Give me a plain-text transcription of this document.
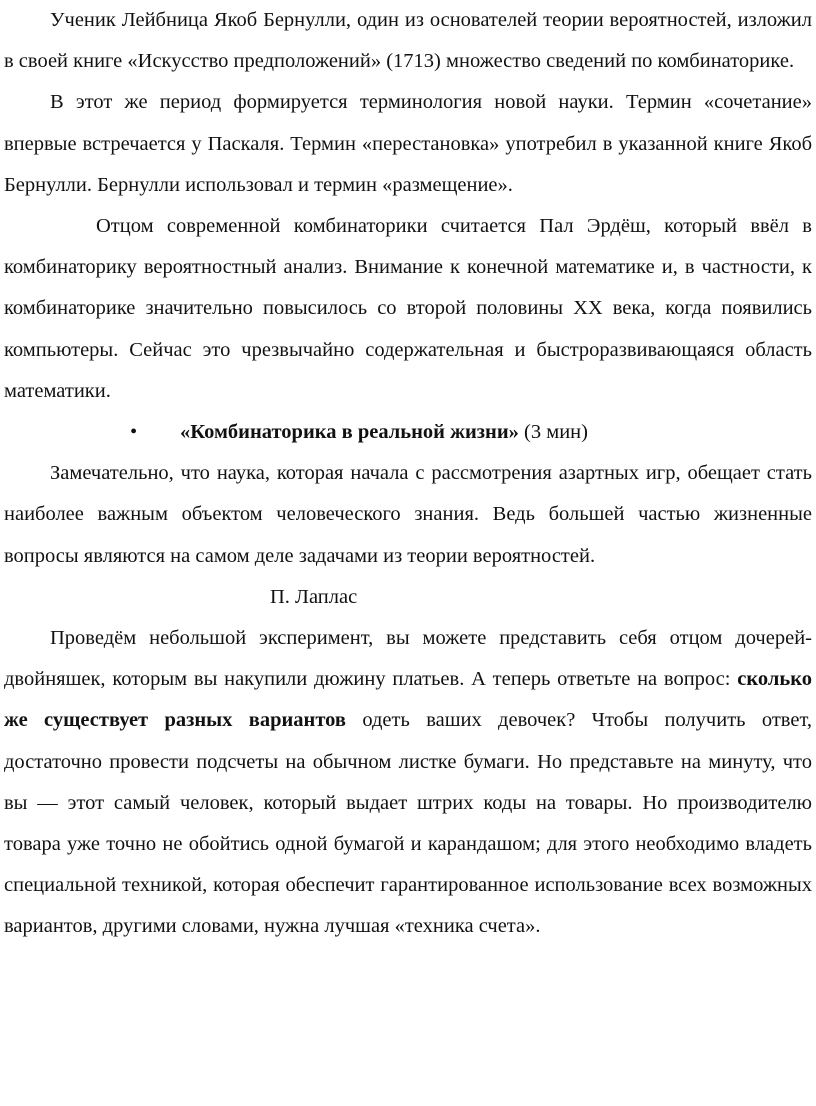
Ученик Лейбница Якоб Бернулли, один из основателей теории вероятностей, изложил в своей книге «Искусство предположений» (1713) множество сведений по комбинаторике.

В этот же период формируется терминология новой науки. Термин «сочетание» впервые встречается у Паскаля. Термин «перестановка» употребил в указанной книге Якоб Бернулли. Бернулли использовал и термин «размещение».

Отцом современной комбинаторики считается Пал Эрдёш, который ввёл в комбинаторику вероятностный анализ. Внимание к конечной математике и, в частности, к комбинаторике значительно повысилось со второй половины XX века, когда появились компьютеры. Сейчас это чрезвычайно содержательная и быстроразвивающаяся область математики.

• «Комбинаторика в реальной жизни» (3 мин)

Замечательно, что наука, которая начала с рассмотрения азартных игр, обещает стать наиболее важным объектом человеческого знания. Ведь большей частью жизненные вопросы являются на самом деле задачами из теории вероятностей.

П. Лаплас

Проведём небольшой эксперимент, вы можете представить себя отцом дочерей-двойняшек, которым вы накупили дюжину платьев. А теперь ответьте на вопрос: сколько же существует разных вариантов одеть ваших девочек? Чтобы получить ответ, достаточно провести подсчеты на обычном листке бумаги. Но представьте на минуту, что вы — этот самый человек, который выдает штрих коды на товары. Но производителю товара уже точно не обойтись одной бумагой и карандашом; для этого необходимо владеть специальной техникой, которая обеспечит гарантированное использование всех возможных вариантов, другими словами, нужна лучшая «техника счета».
